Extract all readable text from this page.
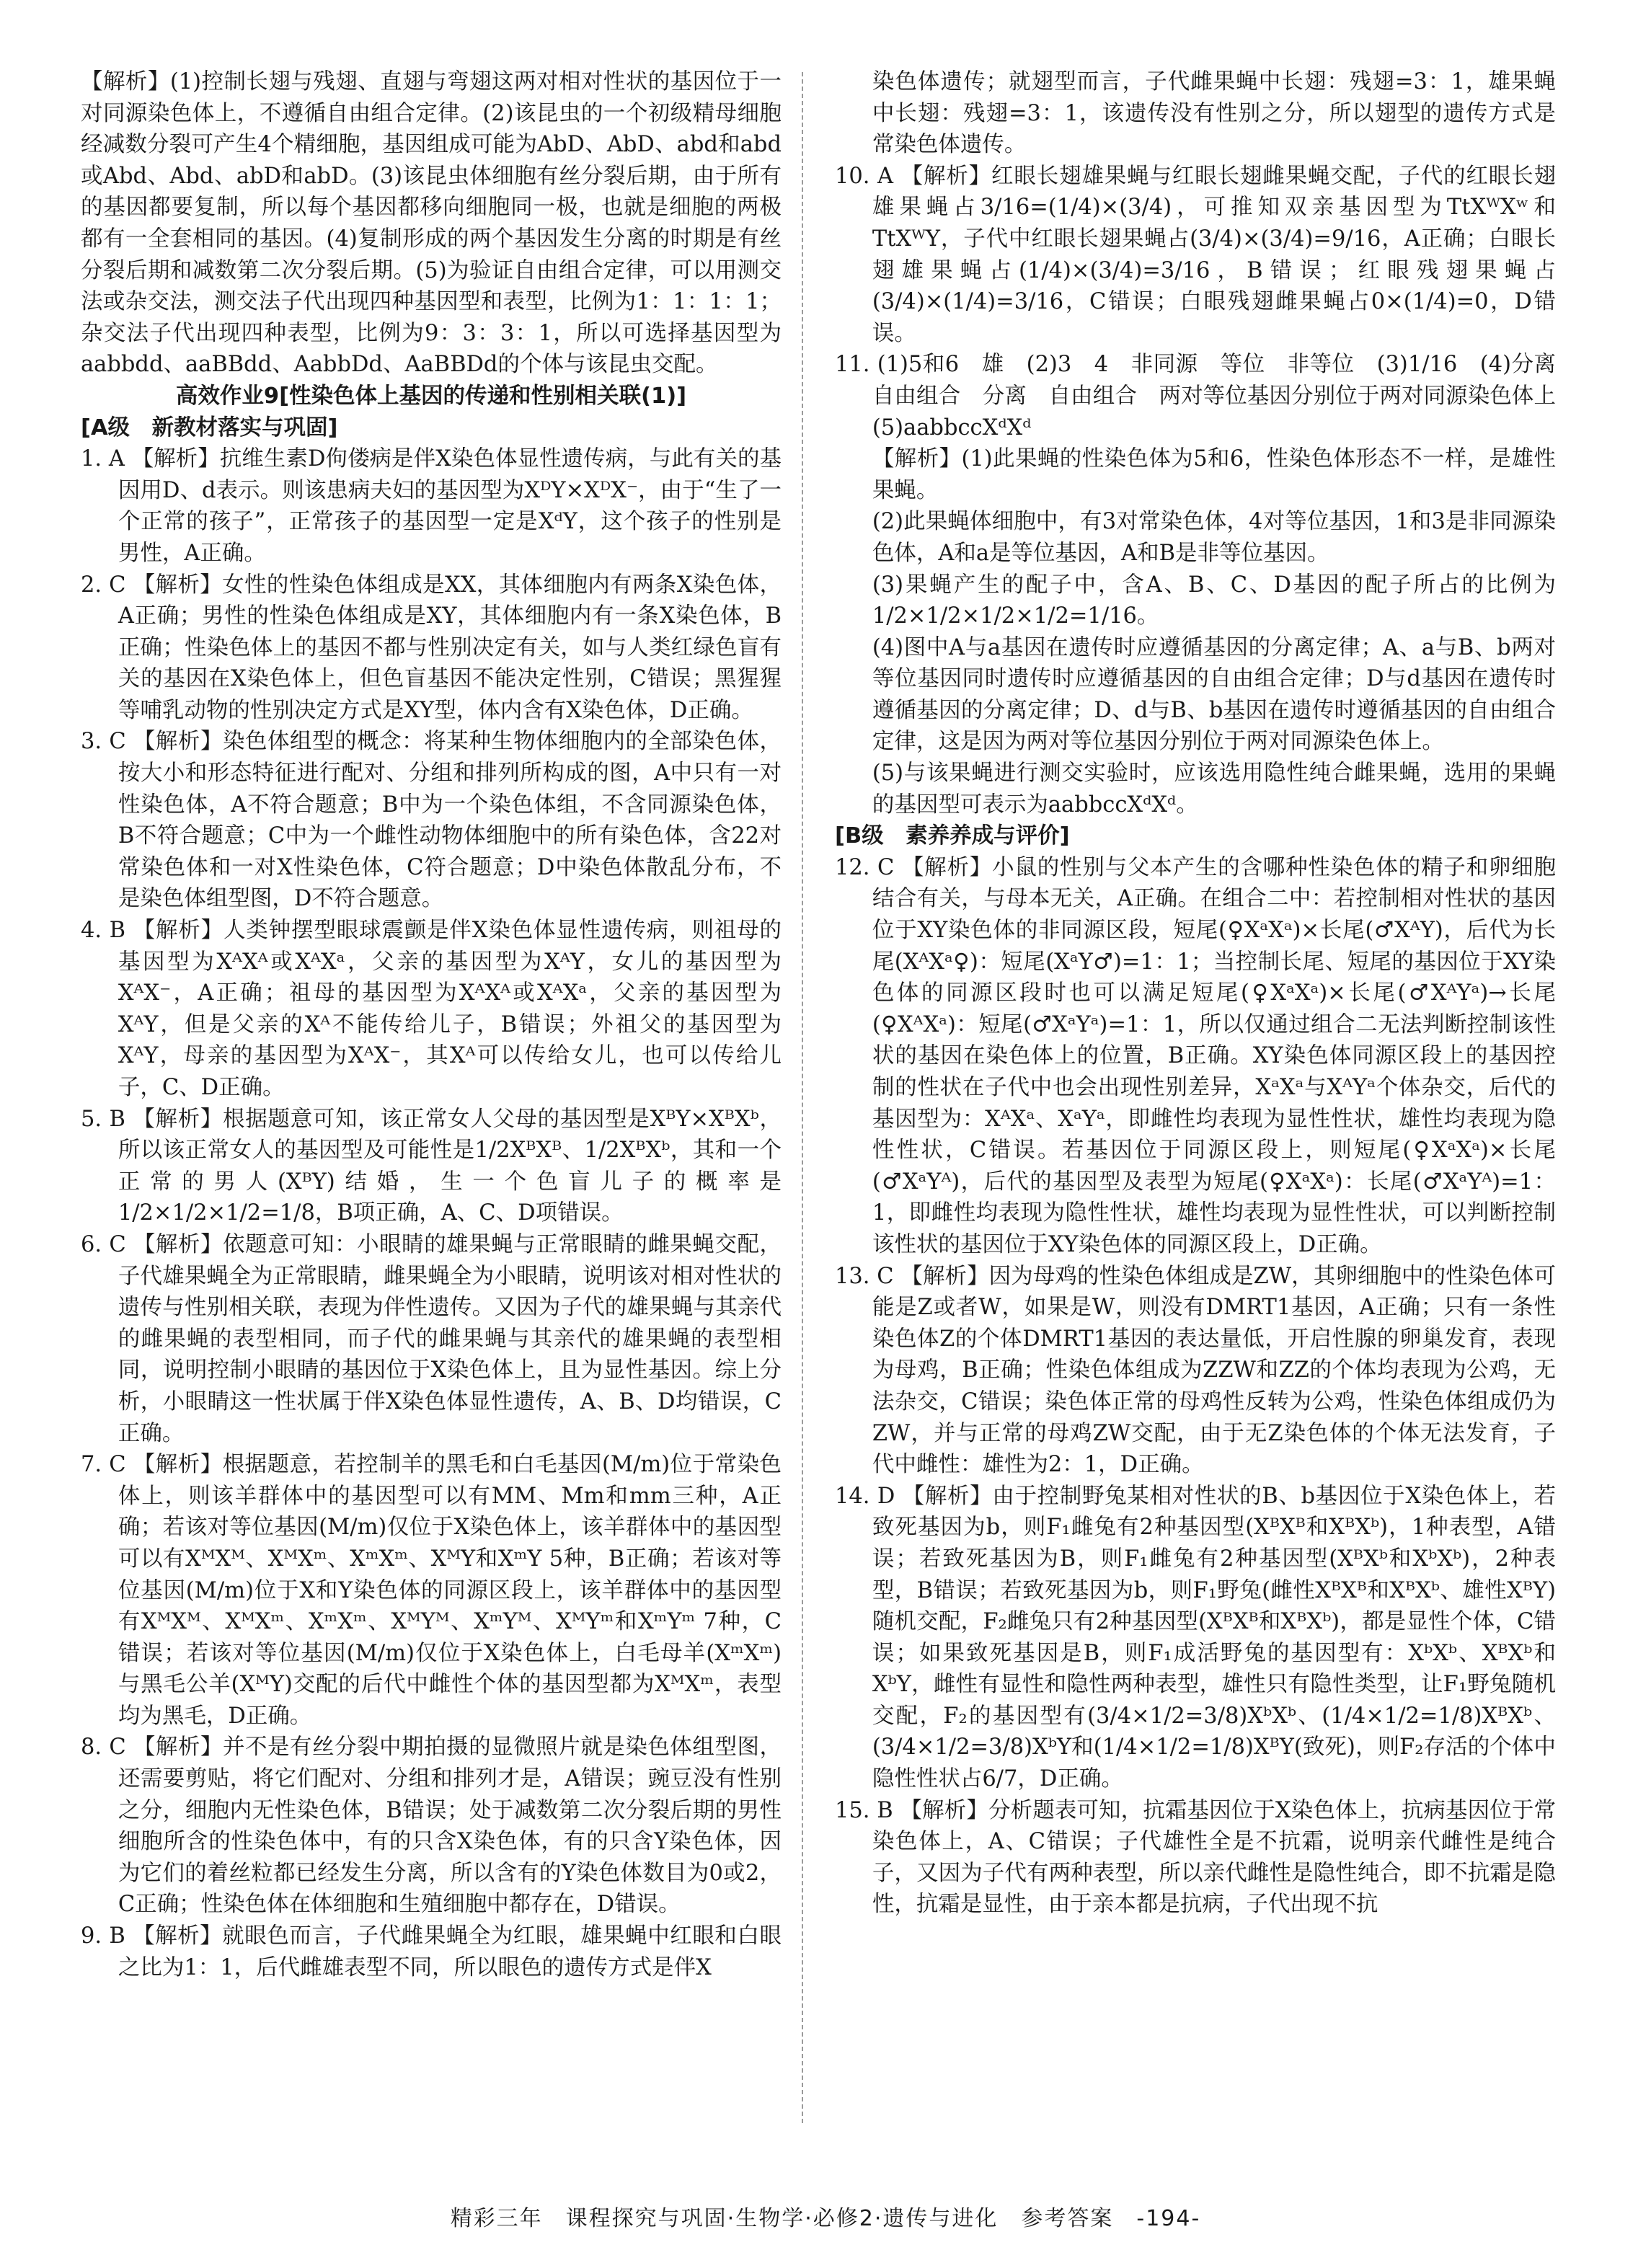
【解析】(1)控制长翅与残翅、直翅与弯翅这两对相对性状的基因位于一对同源染色体上，不遵循自由组合定律。(2)该昆虫的一个初级精母细胞经减数分裂可产生4个精细胞，基因组成可能为AbD、AbD、abd和abd或Abd、Abd、abD和abD。(3)该昆虫体细胞有丝分裂后期，由于所有的基因都要复制，所以每个基因都移向细胞同一极，也就是细胞的两极都有一全套相同的基因。(4)复制形成的两个基因发生分离的时期是有丝分裂后期和减数第二次分裂后期。(5)为验证自由组合定律，可以用测交法或杂交法，测交法子代出现四种基因型和表型，比例为1：1：1：1；杂交法子代出现四种表型，比例为9：3：3：1，所以可选择基因型为aabbdd、aaBBdd、AabbDd、AaBBDd的个体与该昆虫交配。

高效作业9[性染色体上基因的传递和性别相关联(1)]

[A级　新教材落实与巩固]

1. A 【解析】抗维生素D佝偻病是伴X染色体显性遗传病，与此有关的基因用D、d表示。则该患病夫妇的基因型为XᴰY×XᴰX⁻，由于“生了一个正常的孩子”，正常孩子的基因型一定是XᵈY，这个孩子的性别是男性，A正确。

2. C 【解析】女性的性染色体组成是XX，其体细胞内有两条X染色体，A正确；男性的性染色体组成是XY，其体细胞内有一条X染色体，B正确；性染色体上的基因不都与性别决定有关，如与人类红绿色盲有关的基因在X染色体上，但色盲基因不能决定性别，C错误；黑猩猩等哺乳动物的性别决定方式是XY型，体内含有X染色体，D正确。

3. C 【解析】染色体组型的概念：将某种生物体细胞内的全部染色体，按大小和形态特征进行配对、分组和排列所构成的图，A中只有一对性染色体，A不符合题意；B中为一个染色体组，不含同源染色体，B不符合题意；C中为一个雌性动物体细胞中的所有染色体，含22对常染色体和一对X性染色体，C符合题意；D中染色体散乱分布，不是染色体组型图，D不符合题意。

4. B 【解析】人类钟摆型眼球震颤是伴X染色体显性遗传病，则祖母的基因型为XᴬXᴬ或XᴬXᵃ，父亲的基因型为XᴬY，女儿的基因型为XᴬX⁻，A正确；祖母的基因型为XᴬXᴬ或XᴬXᵃ，父亲的基因型为XᴬY，但是父亲的Xᴬ不能传给儿子，B错误；外祖父的基因型为XᴬY，母亲的基因型为XᴬX⁻，其Xᴬ可以传给女儿，也可以传给儿子，C、D正确。

5. B 【解析】根据题意可知，该正常女人父母的基因型是XᴮY×XᴮXᵇ，所以该正常女人的基因型及可能性是1/2XᴮXᴮ、1/2XᴮXᵇ，其和一个正常的男人(XᴮY)结婚，生一个色盲儿子的概率是1/2×1/2×1/2=1/8，B项正确，A、C、D项错误。

6. C 【解析】依题意可知：小眼睛的雄果蝇与正常眼睛的雌果蝇交配，子代雄果蝇全为正常眼睛，雌果蝇全为小眼睛，说明该对相对性状的遗传与性别相关联，表现为伴性遗传。又因为子代的雄果蝇与其亲代的雌果蝇的表型相同，而子代的雌果蝇与其亲代的雄果蝇的表型相同，说明控制小眼睛的基因位于X染色体上，且为显性基因。综上分析，小眼睛这一性状属于伴X染色体显性遗传，A、B、D均错误，C正确。

7. C 【解析】根据题意，若控制羊的黑毛和白毛基因(M/m)位于常染色体上，则该羊群体中的基因型可以有MM、Mm和mm三种，A正确；若该对等位基因(M/m)仅位于X染色体上，该羊群体中的基因型可以有XᴹXᴹ、XᴹXᵐ、XᵐXᵐ、XᴹY和XᵐY 5种，B正确；若该对等位基因(M/m)位于X和Y染色体的同源区段上，该羊群体中的基因型有XᴹXᴹ、XᴹXᵐ、XᵐXᵐ、XᴹYᴹ、XᵐYᴹ、XᴹYᵐ和XᵐYᵐ 7种，C错误；若该对等位基因(M/m)仅位于X染色体上，白毛母羊(XᵐXᵐ)与黑毛公羊(XᴹY)交配的后代中雌性个体的基因型都为XᴹXᵐ，表型均为黑毛，D正确。

8. C 【解析】并不是有丝分裂中期拍摄的显微照片就是染色体组型图，还需要剪贴，将它们配对、分组和排列才是，A错误；豌豆没有性别之分，细胞内无性染色体，B错误；处于减数第二次分裂后期的男性细胞所含的性染色体中，有的只含X染色体，有的只含Y染色体，因为它们的着丝粒都已经发生分离，所以含有的Y染色体数目为0或2，C正确；性染色体在体细胞和生殖细胞中都存在，D错误。

9. B 【解析】就眼色而言，子代雌果蝇全为红眼，雄果蝇中红眼和白眼之比为1：1，后代雌雄表型不同，所以眼色的遗传方式是伴X

染色体遗传；就翅型而言，子代雌果蝇中长翅：残翅=3：1，雄果蝇中长翅：残翅=3：1，该遗传没有性别之分，所以翅型的遗传方式是常染色体遗传。

10. A 【解析】红眼长翅雄果蝇与红眼长翅雌果蝇交配，子代的红眼长翅雄果蝇占3/16=(1/4)×(3/4)，可推知双亲基因型为TtXᵂXʷ和TtXᵂY，子代中红眼长翅果蝇占(3/4)×(3/4)=9/16，A正确；白眼长翅雄果蝇占(1/4)×(3/4)=3/16，B错误；红眼残翅果蝇占(3/4)×(1/4)=3/16，C错误；白眼残翅雌果蝇占0×(1/4)=0，D错误。

11. (1)5和6　雄　(2)3　4　非同源　等位　非等位　(3)1/16　(4)分离　自由组合　分离　自由组合　两对等位基因分别位于两对同源染色体上　(5)aabbccXᵈXᵈ

【解析】(1)此果蝇的性染色体为5和6，性染色体形态不一样，是雄性果蝇。

(2)此果蝇体细胞中，有3对常染色体，4对等位基因，1和3是非同源染色体，A和a是等位基因，A和B是非等位基因。

(3)果蝇产生的配子中，含A、B、C、D基因的配子所占的比例为1/2×1/2×1/2×1/2=1/16。

(4)图中A与a基因在遗传时应遵循基因的分离定律；A、a与B、b两对等位基因同时遗传时应遵循基因的自由组合定律；D与d基因在遗传时遵循基因的分离定律；D、d与B、b基因在遗传时遵循基因的自由组合定律，这是因为两对等位基因分别位于两对同源染色体上。

(5)与该果蝇进行测交实验时，应该选用隐性纯合雌果蝇，选用的果蝇的基因型可表示为aabbccXᵈXᵈ。

[B级　素养养成与评价]

12. C 【解析】小鼠的性别与父本产生的含哪种性染色体的精子和卵细胞结合有关，与母本无关，A正确。在组合二中：若控制相对性状的基因位于XY染色体的非同源区段，短尾(♀XᵃXᵃ)×长尾(♂XᴬY)，后代为长尾(XᴬXᵃ♀)：短尾(XᵃY♂)=1：1；当控制长尾、短尾的基因位于XY染色体的同源区段时也可以满足短尾(♀XᵃXᵃ)×长尾(♂XᴬYᵃ)→长尾(♀XᴬXᵃ)：短尾(♂XᵃYᵃ)=1：1，所以仅通过组合二无法判断控制该性状的基因在染色体上的位置，B正确。XY染色体同源区段上的基因控制的性状在子代中也会出现性别差异，XᵃXᵃ与XᴬYᵃ个体杂交，后代的基因型为：XᴬXᵃ、XᵃYᵃ，即雌性均表现为显性性状，雄性均表现为隐性性状，C错误。若基因位于同源区段上，则短尾(♀XᵃXᵃ)×长尾(♂XᵃYᴬ)，后代的基因型及表型为短尾(♀XᵃXᵃ)：长尾(♂XᵃYᴬ)=1：1，即雌性均表现为隐性性状，雄性均表现为显性性状，可以判断控制该性状的基因位于XY染色体的同源区段上，D正确。

13. C 【解析】因为母鸡的性染色体组成是ZW，其卵细胞中的性染色体可能是Z或者W，如果是W，则没有DMRT1基因，A正确；只有一条性染色体Z的个体DMRT1基因的表达量低，开启性腺的卵巢发育，表现为母鸡，B正确；性染色体组成为ZZW和ZZ的个体均表现为公鸡，无法杂交，C错误；染色体正常的母鸡性反转为公鸡，性染色体组成仍为ZW，并与正常的母鸡ZW交配，由于无Z染色体的个体无法发育，子代中雌性：雄性为2：1，D正确。

14. D 【解析】由于控制野兔某相对性状的B、b基因位于X染色体上，若致死基因为b，则F₁雌兔有2种基因型(XᴮXᴮ和XᴮXᵇ)，1种表型，A错误；若致死基因为B，则F₁雌兔有2种基因型(XᴮXᵇ和XᵇXᵇ)，2种表型，B错误；若致死基因为b，则F₁野兔(雌性XᴮXᴮ和XᴮXᵇ、雄性XᴮY)随机交配，F₂雌兔只有2种基因型(XᴮXᴮ和XᴮXᵇ)，都是显性个体，C错误；如果致死基因是B，则F₁成活野兔的基因型有：XᵇXᵇ、XᴮXᵇ和XᵇY，雌性有显性和隐性两种表型，雄性只有隐性类型，让F₁野兔随机交配，F₂的基因型有(3/4×1/2=3/8)XᵇXᵇ、(1/4×1/2=1/8)XᴮXᵇ、(3/4×1/2=3/8)XᵇY和(1/4×1/2=1/8)XᴮY(致死)，则F₂存活的个体中隐性性状占6/7，D正确。

15. B 【解析】分析题表可知，抗霜基因位于X染色体上，抗病基因位于常染色体上，A、C错误；子代雄性全是不抗霜，说明亲代雌性是纯合子，又因为子代有两种表型，所以亲代雌性是隐性纯合，即不抗霜是隐性，抗霜是显性，由于亲本都是抗病，子代出现不抗

精彩三年　课程探究与巩固·生物学·必修2·遗传与进化　参考答案　-194-
